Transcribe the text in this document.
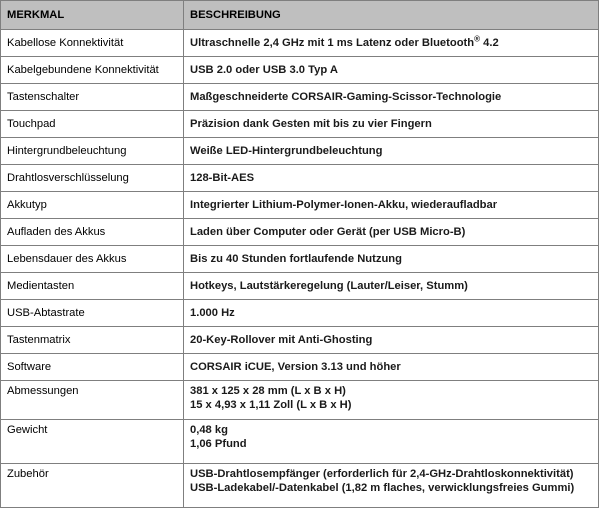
MERKMAL	BESCHREIBUNG
Kabellose Konnektivität	Ultraschnelle 2,4 GHz mit 1 ms Latenz oder Bluetooth® 4.2
Kabelgebundene Konnektivität	USB 2.0 oder USB 3.0 Typ A
Tastenschalter	Maßgeschneiderte CORSAIR-Gaming-Scissor-Technologie
Touchpad	Präzision dank Gesten mit bis zu vier Fingern
Hintergrundbeleuchtung	Weiße LED-Hintergrundbeleuchtung
Drahtlosverschlüsselung	128-Bit-AES
Akkutyp	Integrierter Lithium-Polymer-Ionen-Akku, wiederaufladbar
Aufladen des Akkus	Laden über Computer oder Gerät (per USB Micro-B)
Lebensdauer des Akkus	Bis zu 40 Stunden fortlaufende Nutzung
Medientasten	Hotkeys, Lautstärkeregelung (Lauter/Leiser, Stumm)
USB-Abtastrate	1.000 Hz
Tastenmatrix	20-Key-Rollover mit Anti-Ghosting
Software	CORSAIR iCUE, Version 3.13 und höher
Abmessungen	381 x 125 x 28 mm (L x B x H)
15 x 4,93 x 1,11 Zoll (L x B x H)

Gewicht	0,48 kg
1,06 Pfund

Zubehör	USB-Drahtlosempfänger (erforderlich für 2,4-GHz-Drahtloskonnektivität)
USB-Ladekabel/-Datenkabel (1,82 m flaches, verwicklungsfreies Gummi)
